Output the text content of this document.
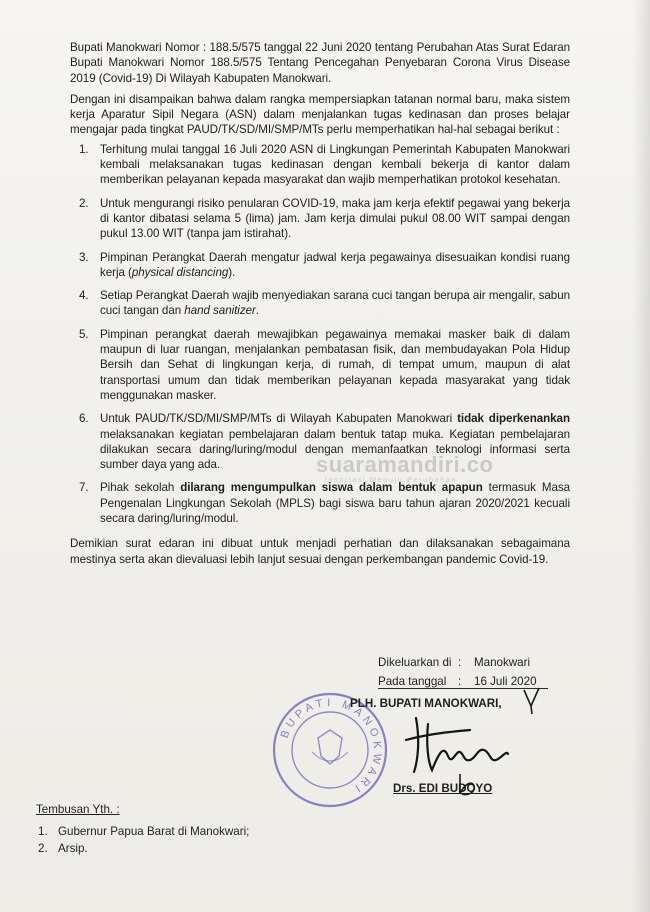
Bupati Manokwari Nomor : 188.5/575 tanggal 22 Juni 2020 tentang Perubahan Atas Surat Edaran Bupati Manokwari Nomor 188.5/575 Tentang Pencegahan Penyebaran Corona Virus Disease 2019 (Covid-19) Di Wilayah Kabupaten Manokwari.

Dengan ini disampaikan bahwa dalam rangka mempersiapkan tatanan normal baru, maka sistem kerja Aparatur Sipil Negara (ASN) dalam menjalankan tugas kedinasan dan proses belajar mengajar pada tingkat PAUD/TK/SD/MI/SMP/MTs perlu memperhatikan hal-hal sebagai berikut :

1. Terhitung mulai tanggal 16 Juli 2020 ASN di Lingkungan Pemerintah Kabupaten Manokwari kembali melaksanakan tugas kedinasan dengan kembali bekerja di kantor dalam memberikan pelayanan kepada masyarakat dan wajib memperhatikan protokol kesehatan.
2. Untuk mengurangi risiko penularan COVID-19, maka jam kerja efektif pegawai yang bekerja di kantor dibatasi selama 5 (lima) jam. Jam kerja dimulai pukul 08.00 WIT sampai dengan pukul 13.00 WIT (tanpa jam istirahat).
3. Pimpinan Perangkat Daerah mengatur jadwal kerja pegawainya disesuaikan kondisi ruang kerja (physical distancing).
4. Setiap Perangkat Daerah wajib menyediakan sarana cuci tangan berupa air mengalir, sabun cuci tangan dan hand sanitizer.
5. Pimpinan perangkat daerah mewajibkan pegawainya memakai masker baik di dalam maupun di luar ruangan, menjalankan pembatasan fisik, dan membudayakan Pola Hidup Bersih dan Sehat di lingkungan kerja, di rumah, di tempat umum, maupun di alat transportasi umum dan tidak memberikan pelayanan kepada masyarakat yang tidak menggunakan masker.
6. Untuk PAUD/TK/SD/MI/SMP/MTs di Wilayah Kabupaten Manokwari tidak diperkenankan melaksanakan kegiatan pembelajaran dalam bentuk tatap muka. Kegiatan pembelajaran dilakukan secara daring/luring/modul dengan memanfaatkan teknologi informasi serta sumber daya yang ada.
7. Pihak sekolah dilarang mengumpulkan siswa dalam bentuk apapun termasuk Masa Pengenalan Lingkungan Sekolah (MPLS) bagi siswa baru tahun ajaran 2020/2021 kecuali secara daring/luring/modul.

Demikian surat edaran ini dibuat untuk menjadi perhatian dan dilaksanakan sebagaimana mestinya serta akan dievaluasi lebih lanjut sesuai dengan perkembangan pandemic Covid-19.

suaramandiri.co
Inspirasi Menuju Perubahan
Dikeluarkan di :	Manokwari
Pada tanggal	:	16 Juli 2020
BUPATI MANOKWARI
PLH. BUPATI MANOKWARI,
Drs. EDI BUDOYO
Tembusan Yth. :
1. Gubernur Papua Barat di Manokwari;
2. Arsip.
